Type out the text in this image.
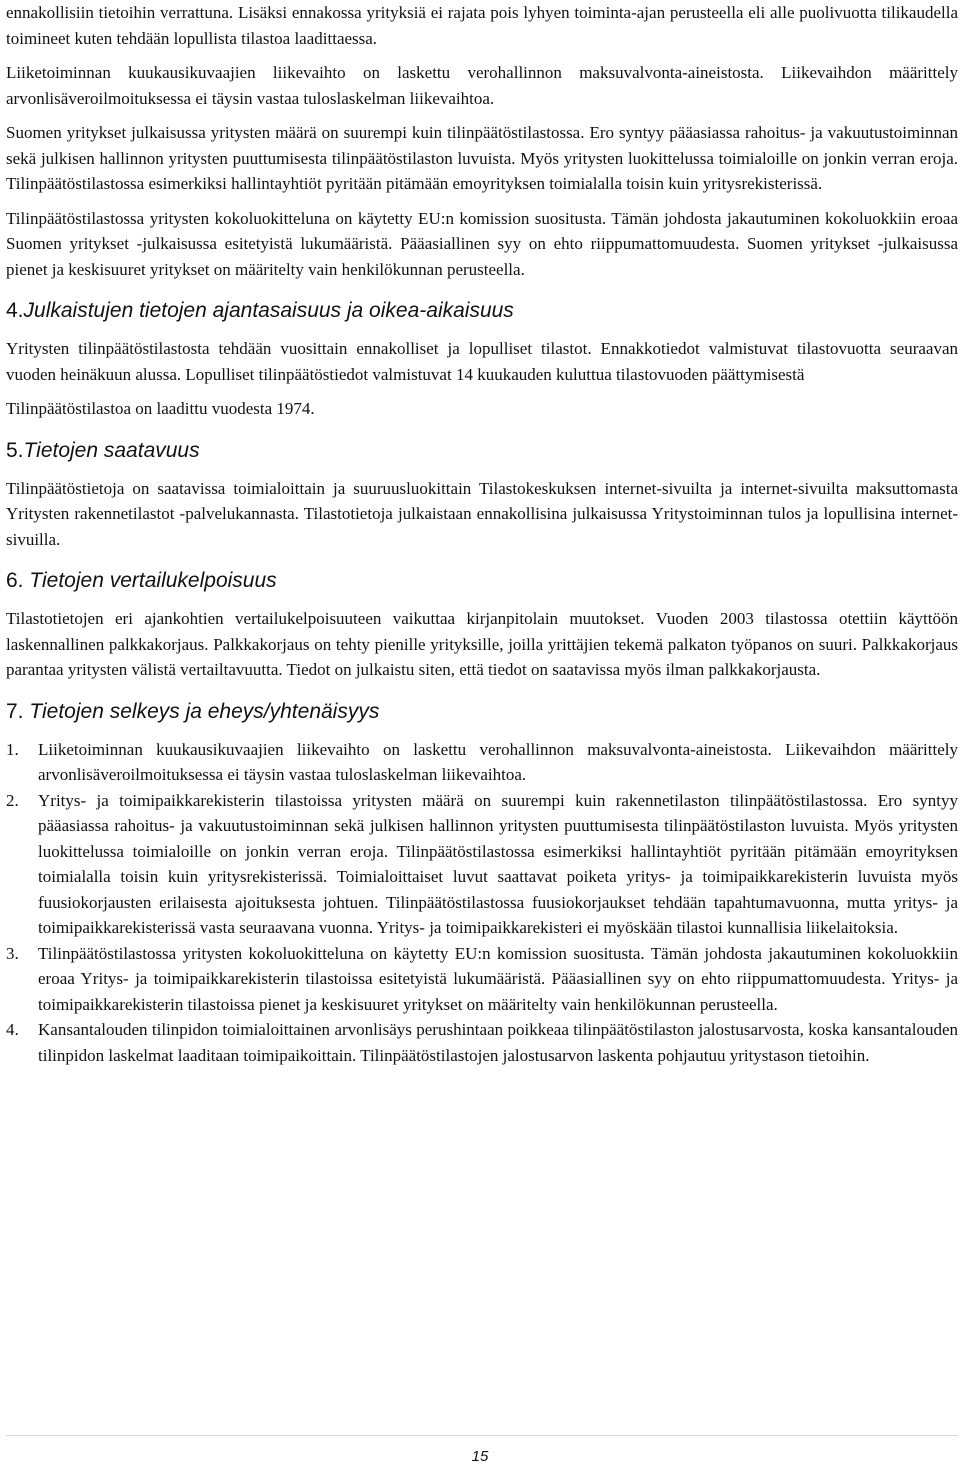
ennakollisiin tietoihin verrattuna. Lisäksi ennakossa yrityksiä ei rajata pois lyhyen toiminta-ajan perusteella eli alle puolivuotta tilikaudella toimineet kuten tehdään lopullista tilastoa laadittaessa.

Liiketoiminnan kuukausikuvaajien liikevaihto on laskettu verohallinnon maksuvalvonta-aineistosta. Liikevaihdon määrittely arvonlisäveroilmoituksessa ei täysin vastaa tuloslaskelman liikevaihtoa.

Suomen yritykset julkaisussa yritysten määrä on suurempi kuin tilinpäätöstilastossa. Ero syntyy pääasiassa rahoitus- ja vakuutustoiminnan sekä julkisen hallinnon yritysten puuttumisesta tilinpäätöstilaston luvuista. Myös yritysten luokittelussa toimialoille on jonkin verran eroja. Tilinpäätöstilastossa esimerkiksi hallintayhtiöt pyritään pitämään emoyrityksen toimialalla toisin kuin yritysrekisterissä.

Tilinpäätöstilastossa yritysten kokoluokitteluna on käytetty EU:n komission suositusta. Tämän johdosta jakautuminen kokoluokkiin eroaa Suomen yritykset -julkaisussa esitetyistä lukumääristä. Pääasiallinen syy on ehto riippumattomuudesta. Suomen yritykset -julkaisussa pienet ja keskisuuret yritykset on määritelty vain henkilökunnan perusteella.

4.Julkaistujen tietojen ajantasaisuus ja oikea-aikaisuus

Yritysten tilinpäätöstilastosta tehdään vuosittain ennakolliset ja lopulliset tilastot. Ennakkotiedot valmistuvat tilastovuotta seuraavan vuoden heinäkuun alussa. Lopulliset tilinpäätöstiedot valmistuvat 14 kuukauden kuluttua tilastovuoden päättymisestä

Tilinpäätöstilastoa on laadittu vuodesta 1974.

5.Tietojen saatavuus

Tilinpäätöstietoja on saatavissa toimialoittain ja suuruusluokittain Tilastokeskuksen internet-sivuilta ja internet-sivuilta maksuttomasta Yritysten rakennetilastot -palvelukannasta. Tilastotietoja julkaistaan ennakollisina julkaisussa Yritystoiminnan tulos ja lopullisina internet-sivuilla.

6. Tietojen vertailukelpoisuus

Tilastotietojen eri ajankohtien vertailukelpoisuuteen vaikuttaa kirjanpitolain muutokset. Vuoden 2003 tilastossa otettiin käyttöön laskennallinen palkkakorjaus. Palkkakorjaus on tehty pienille yrityksille, joilla yrittäjien tekemä palkaton työpanos on suuri. Palkkakorjaus parantaa yritysten välistä vertailtavuutta. Tiedot on julkaistu siten, että tiedot on saatavissa myös ilman palkkakorjausta.

7. Tietojen selkeys ja eheys/yhtenäisyys
1. Liiketoiminnan kuukausikuvaajien liikevaihto on laskettu verohallinnon maksuvalvonta-aineistosta. Liikevaihdon määrittely arvonlisäveroilmoituksessa ei täysin vastaa tuloslaskelman liikevaihtoa.
2. Yritys- ja toimipaikkarekisterin tilastoissa yritysten määrä on suurempi kuin rakennetilaston tilinpäätöstilastossa. Ero syntyy pääasiassa rahoitus- ja vakuutustoiminnan sekä julkisen hallinnon yritysten puuttumisesta tilinpäätöstilaston luvuista. Myös yritysten luokittelussa toimialoille on jonkin verran eroja. Tilinpäätöstilastossa esimerkiksi hallintayhtiöt pyritään pitämään emoyrityksen toimialalla toisin kuin yritysrekisterissä. Toimialoittaiset luvut saattavat poiketa yritys- ja toimipaikkarekisterin luvuista myös fuusiokorjausten erilaisesta ajoituksesta johtuen. Tilinpäätöstilastossa fuusiokorjaukset tehdään tapahtumavuonna, mutta yritys- ja toimipaikkarekisterissä vasta seuraavana vuonna. Yritys- ja toimipaikkarekisteri ei myöskään tilastoi kunnallisia liikelaitoksia.
3. Tilinpäätöstilastossa yritysten kokoluokitteluna on käytetty EU:n komission suositusta. Tämän johdosta jakautuminen kokoluokkiin eroaa Yritys- ja toimipaikkarekisterin tilastoissa esitetyistä lukumääristä. Pääasiallinen syy on ehto riippumattomuudesta. Yritys- ja toimipaikkarekisterin tilastoissa pienet ja keskisuuret yritykset on määritelty vain henkilökunnan perusteella.
4. Kansantalouden tilinpidon toimialoittainen arvonlisäys perushintaan poikkeaa tilinpäätöstilaston jalostusarvosta, koska kansantalouden tilinpidon laskelmat laaditaan toimipaikoittain. Tilinpäätöstilastojen jalostusarvon laskenta pohjautuu yritystason tietoihin.
15
